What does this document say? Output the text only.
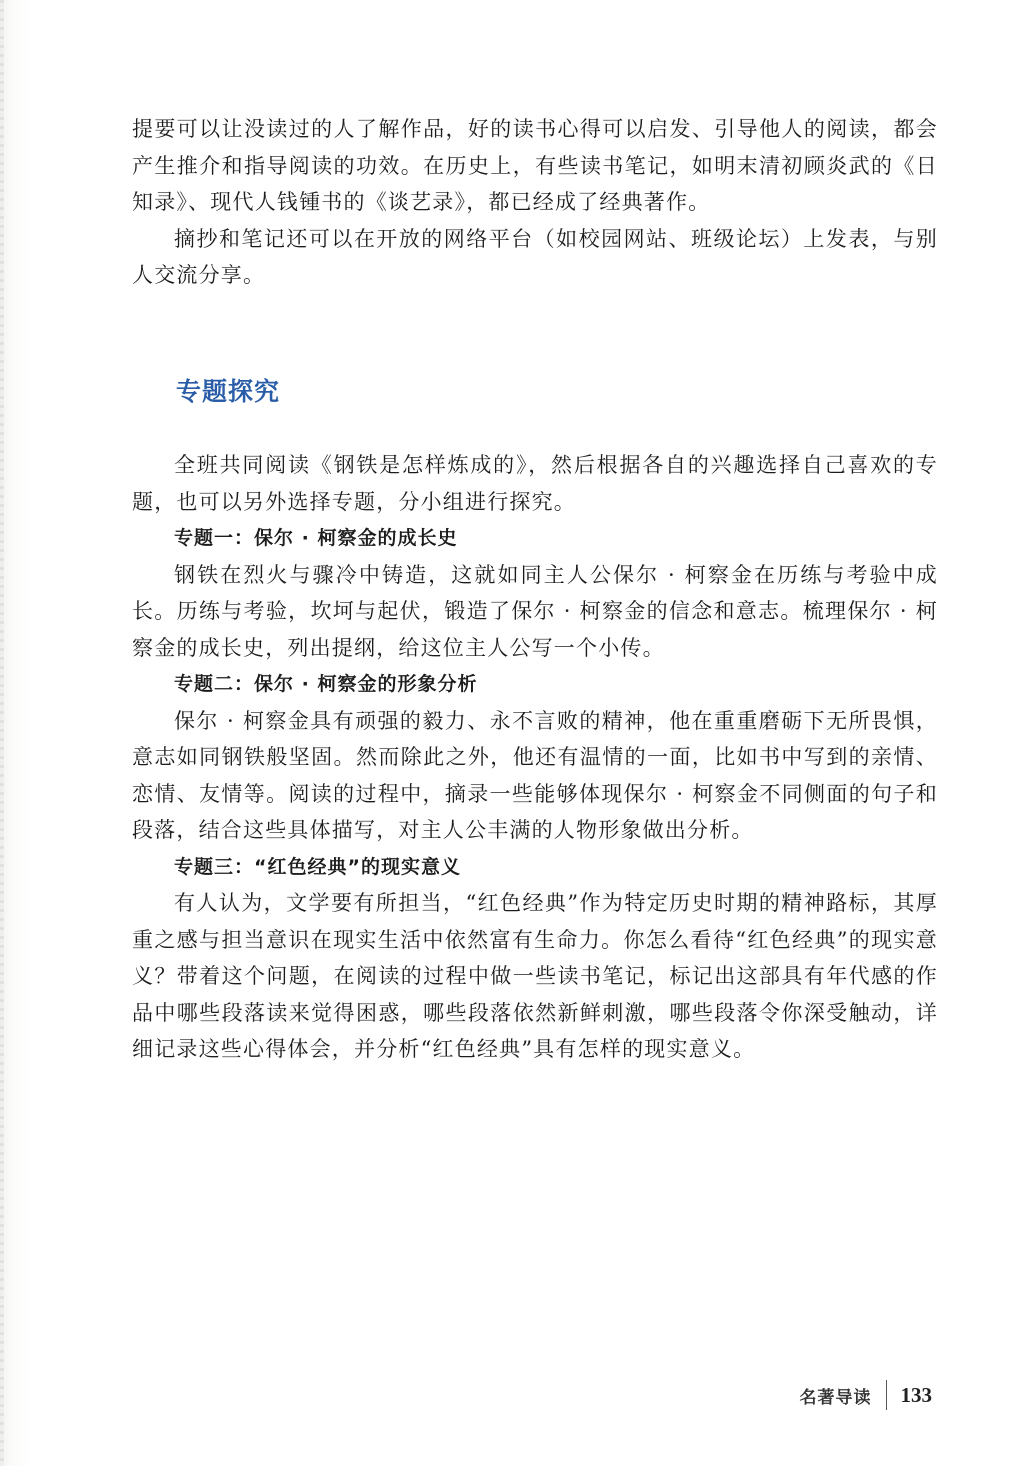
提要可以让没读过的人了解作品，好的读书心得可以启发、引导他人的阅读，都会产生推介和指导阅读的功效。在历史上，有些读书笔记，如明末清初顾炎武的《日知录》、现代人钱锺书的《谈艺录》，都已经成了经典著作。

摘抄和笔记还可以在开放的网络平台（如校园网站、班级论坛）上发表，与别人交流分享。

专题探究

全班共同阅读《钢铁是怎样炼成的》，然后根据各自的兴趣选择自己喜欢的专题，也可以另外选择专题，分小组进行探究。

专题一：保尔 · 柯察金的成长史

钢铁在烈火与骤冷中铸造，这就如同主人公保尔 · 柯察金在历练与考验中成长。历练与考验，坎坷与起伏，锻造了保尔 · 柯察金的信念和意志。梳理保尔 · 柯察金的成长史，列出提纲，给这位主人公写一个小传。

专题二：保尔 · 柯察金的形象分析

保尔 · 柯察金具有顽强的毅力、永不言败的精神，他在重重磨砺下无所畏惧，意志如同钢铁般坚固。然而除此之外，他还有温情的一面，比如书中写到的亲情、恋情、友情等。阅读的过程中，摘录一些能够体现保尔 · 柯察金不同侧面的句子和段落，结合这些具体描写，对主人公丰满的人物形象做出分析。

专题三：“红色经典”的现实意义

有人认为，文学要有所担当，“红色经典”作为特定历史时期的精神路标，其厚重之感与担当意识在现实生活中依然富有生命力。你怎么看待“红色经典”的现实意义？带着这个问题，在阅读的过程中做一些读书笔记，标记出这部具有年代感的作品中哪些段落读来觉得困惑，哪些段落依然新鲜刺激，哪些段落令你深受触动，详细记录这些心得体会，并分析“红色经典”具有怎样的现实意义。

名著导读	133
